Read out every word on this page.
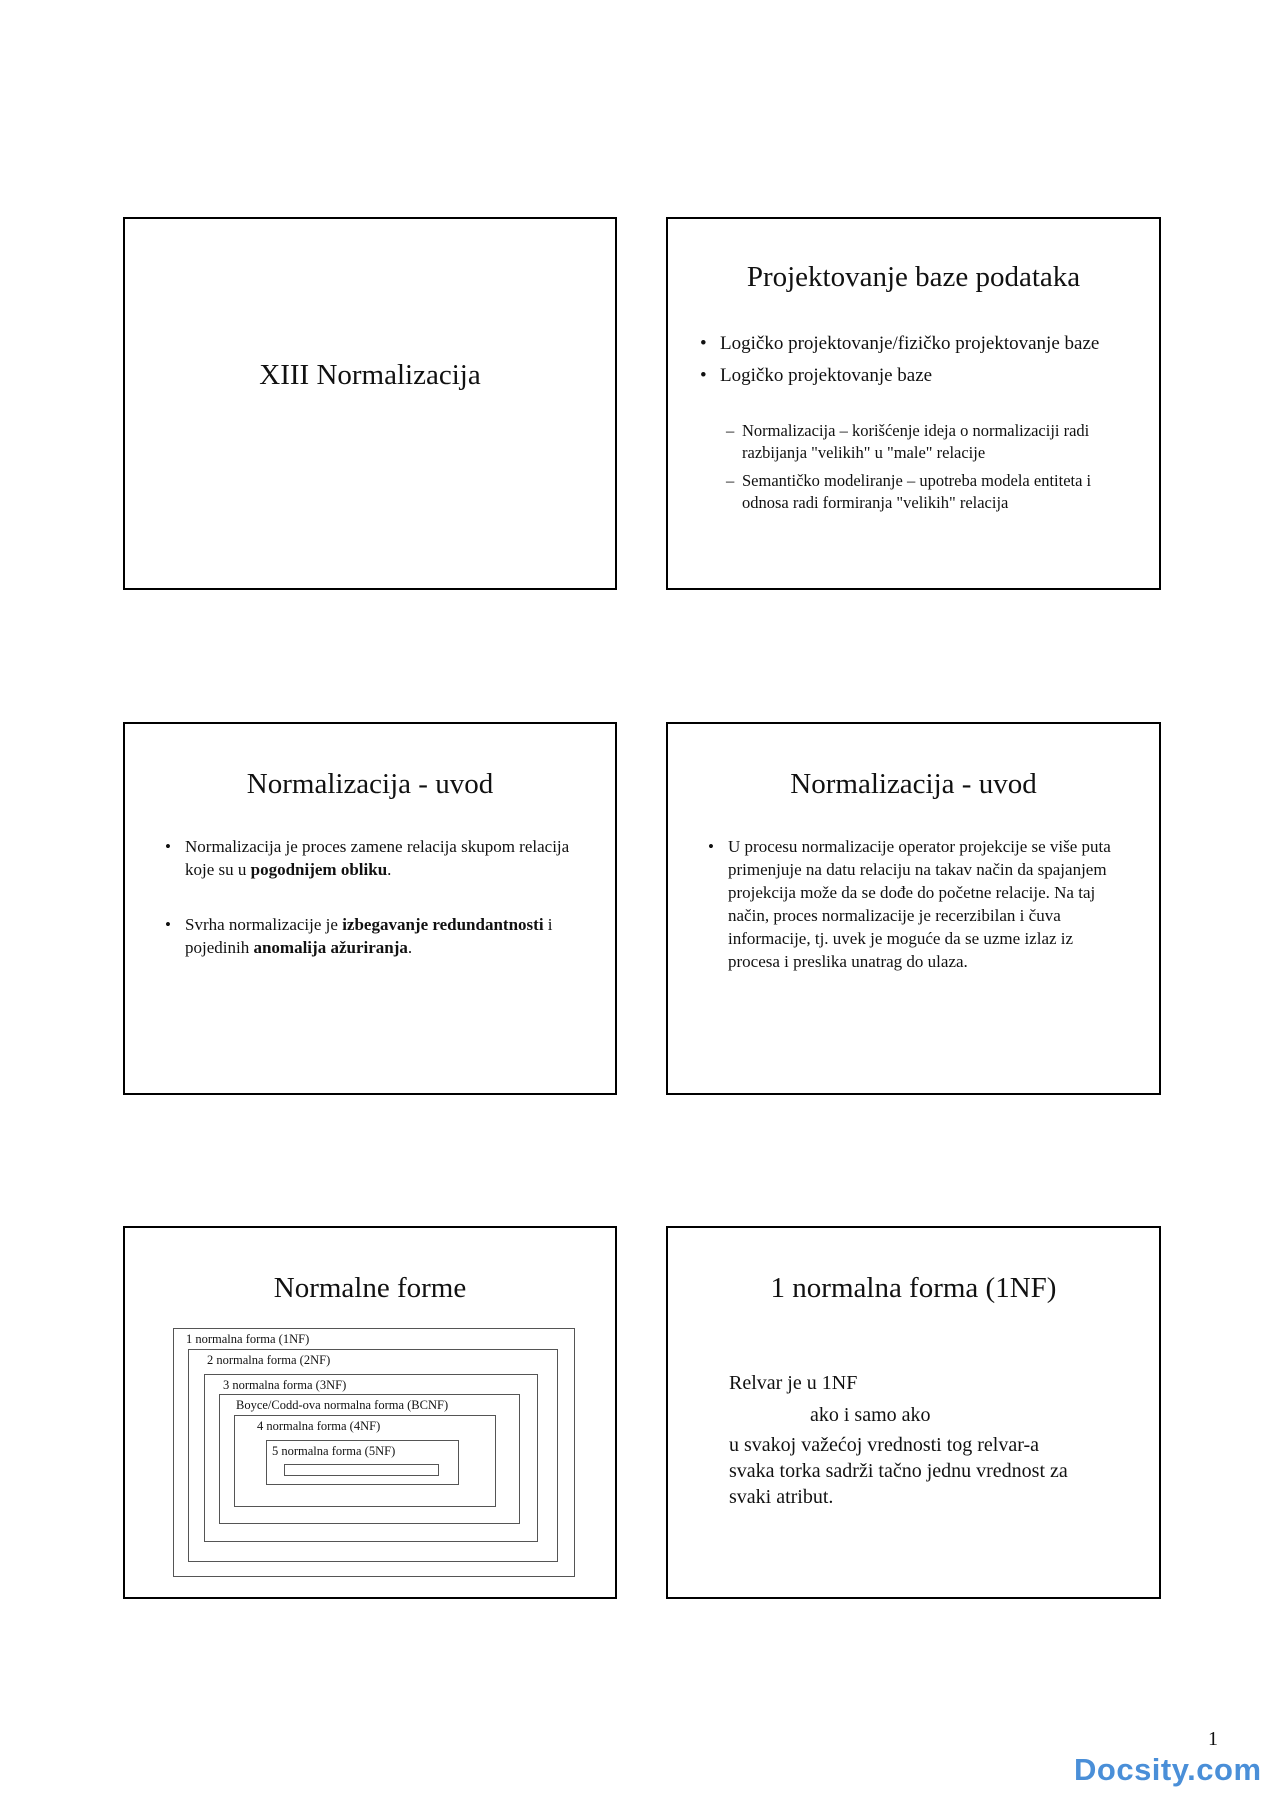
XIII Normalizacija
Projektovanje baze podataka
• Logičko projektovanje/fizičko projektovanje baze
• Logičko projektovanje baze
– Normalizacija – korišćenje ideja o normalizaciji radi razbijanja "velikih" u "male" relacije
– Semantičko modeliranje – upotreba modela entiteta i odnosa radi formiranja "velikih" relacija
Normalizacija - uvod
• Normalizacija je proces zamene relacija skupom relacija koje su u pogodnijem obliku.
• Svrha normalizacije je izbegavanje redundantnosti i pojedinih anomalija ažuriranja.
Normalizacija - uvod
• U procesu normalizacije operator projekcije se više puta primenjuje na datu relaciju na takav način da spajanjem projekcija može da se dođe do početne relacije. Na taj način, proces normalizacije je recerzibilan i čuva informacije, tj. uvek je moguće da se uzme izlaz iz procesa i preslika unatrag do ulaza.
Normalne forme
1 normalna forma (1NF)
2 normalna forma (2NF)
3 normalna forma (3NF)
Boyce/Codd-ova normalna forma (BCNF)
4 normalna forma (4NF)
5 normalna forma (5NF)
1 normalna forma (1NF)
Relvar je u 1NF
ako i samo ako
u svakoj važećoj vrednosti tog relvar-a
svaka torka sadrži tačno jednu vrednost za
svaki atribut.
1
Docsity.com
